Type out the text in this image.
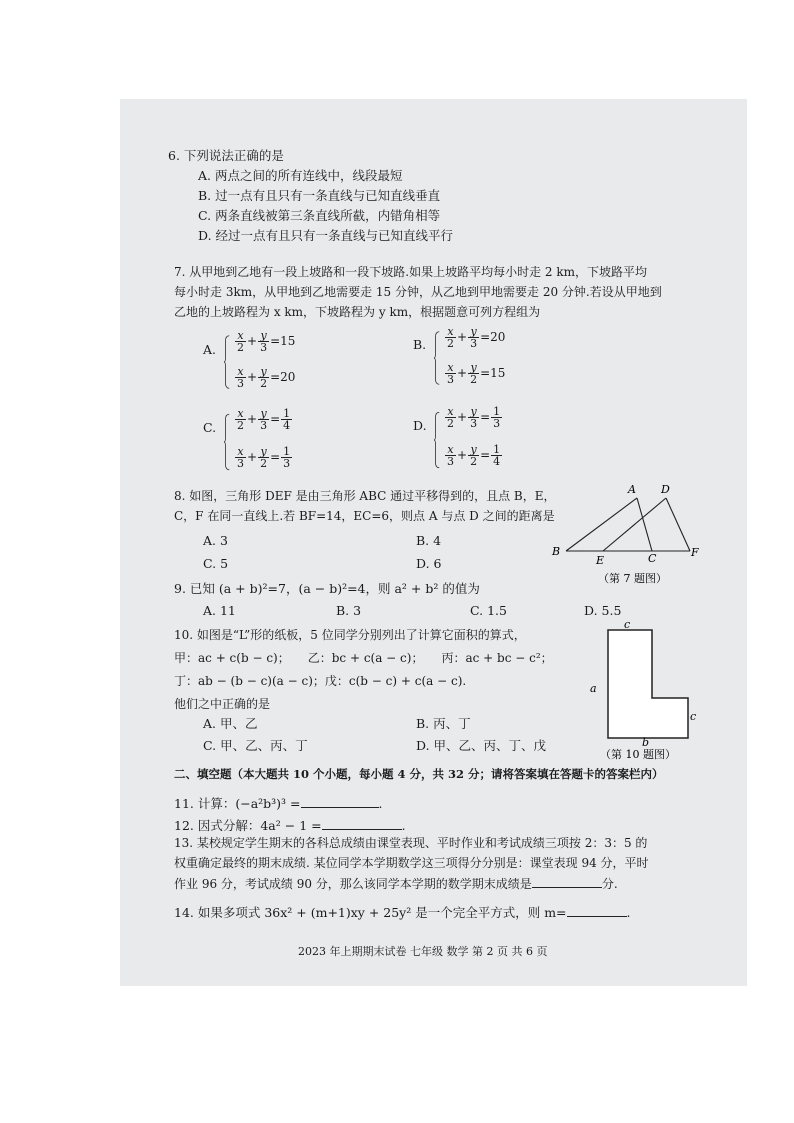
6. 下列说法正确的是
A. 两点之间的所有连线中，线段最短
B. 过一点有且只有一条直线与已知直线垂直
C. 两条直线被第三条直线所截，内错角相等
D. 经过一点有且只有一条直线与已知直线平行
7. 从甲地到乙地有一段上坡路和一段下坡路.如果上坡路平均每小时走 2 km，下坡路平均
每小时走 3km，从甲地到乙地需要走 15 分钟，从乙地到甲地需要走 20 分钟.若设从甲地到
乙地的上坡路程为 x km，下坡路程为 y km，根据题意可列方程组为
A. $\frac{x}{2} + \frac{y}{3} =15$
$\frac{x}{3} + \frac{y}{2} =20$
B. $\frac{x}{2} + \frac{y}{3} =20$
$\frac{x}{3} + \frac{y}{2} =15$
C. $\frac{x}{2} + \frac{y}{3} = \frac{1}{4}$
$\frac{x}{3} + \frac{y}{2} = \frac{1}{3}$
D. $\frac{x}{2} + \frac{y}{3} = \frac{1}{3}$
$\frac{x}{3} + \frac{y}{2} = \frac{1}{4}$
8. 如图，三角形 DEF 是由三角形 ABC 通过平移得到的，且点 B，E，
C，F 在同一直线上.若 BF=14，EC=6，则点 A 与点 D 之间的距离是
A. 3	B. 4
C. 5	D. 6
A D
B
E	C	F
（第 7 题图）
9. 已知 (a + b)²=7，(a − b)²=4，则 a² + b² 的值为
A. 11	B. 3	C. 1.5	D. 5.5
10. 如图是“L”形的纸板，5 位同学分别列出了计算它面积的算式，
甲：ac + c(b − c)；　　乙：bc + c(a − c)；　　丙：ac + bc − c²；
丁：ab − (b − c)(a − c)；戊：c(b − c) + c(a − c).
他们之中正确的是
A. 甲、乙	B. 丙、丁
C. 甲、乙、丙、丁	D. 甲、乙、丙、丁、戊
c
a
c
b
（第 10 题图）
二、填空题（本大题共 10 个小题，每小题 4 分，共 32 分；请将答案填在答题卡的答案栏内）
11. 计算：(−a²b³)³ =	.
12. 因式分解：4a² − 1 =	.
13. 某校规定学生期末的各科总成绩由课堂表现、平时作业和考试成绩三项按 2：3：5 的
权重确定最终的期末成绩. 某位同学本学期数学这三项得分分别是：课堂表现 94 分，平时
作业 96 分，考试成绩 90 分，那么该同学本学期的数学期末成绩是	分.
14. 如果多项式 36x² + (m+1)xy + 25y² 是一个完全平方式，则 m=	.
2023 年上期期末试卷 七年级 数学 第 2 页 共 6 页
